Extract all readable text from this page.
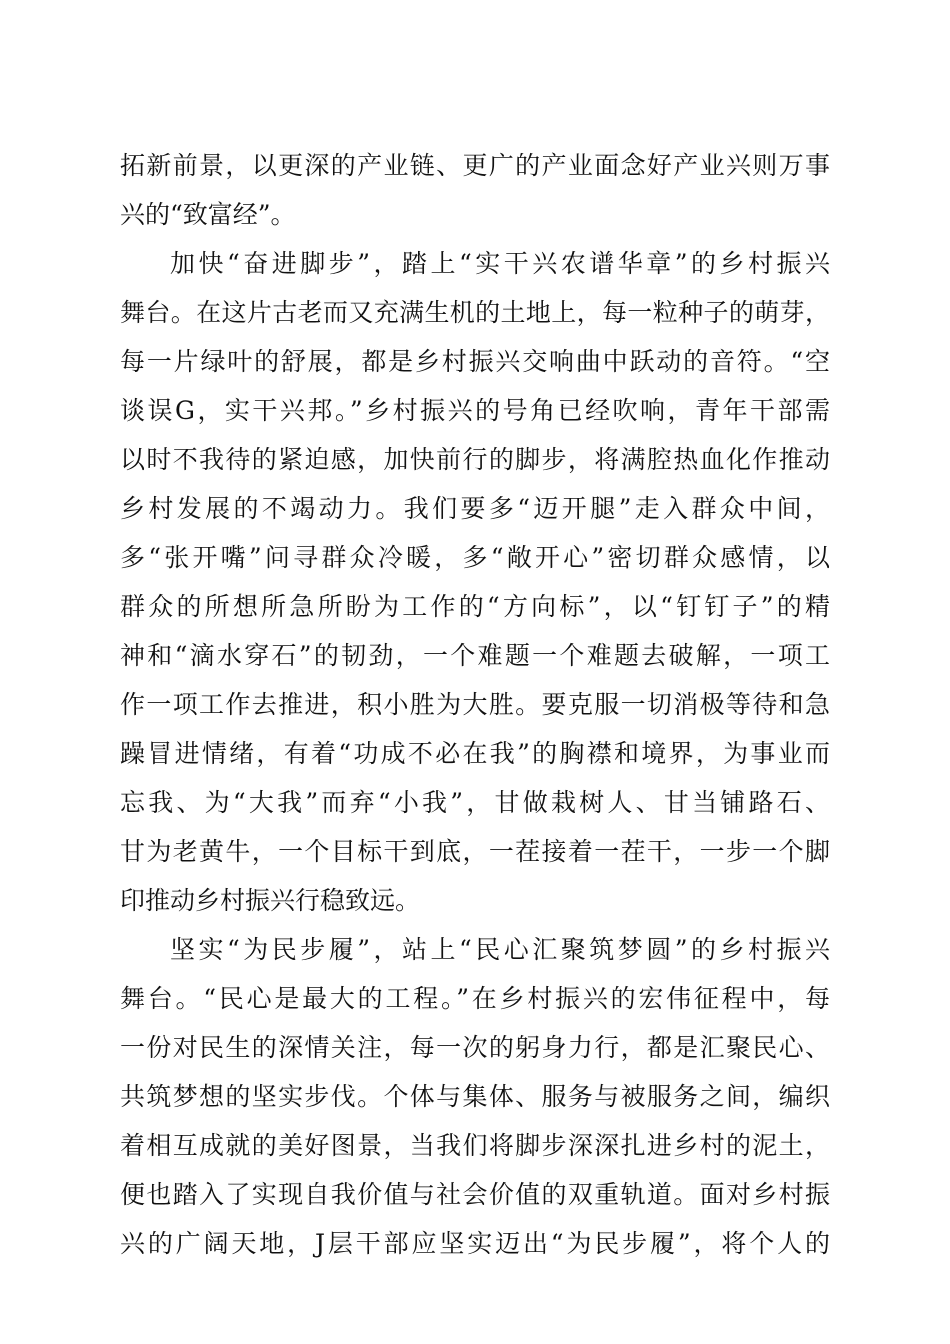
拓新前景，以更深的产业链、更广的产业面念好产业兴则万事
兴的“致富经”。
加快“奋进脚步”，踏上“实干兴农谱华章”的乡村振兴
舞台。在这片古老而又充满生机的土地上，每一粒种子的萌芽，
每一片绿叶的舒展，都是乡村振兴交响曲中跃动的音符。“空
谈误G，实干兴邦。”乡村振兴的号角已经吹响，青年干部需
以时不我待的紧迫感，加快前行的脚步，将满腔热血化作推动
乡村发展的不竭动力。我们要多“迈开腿”走入群众中间，
多“张开嘴”问寻群众冷暖，多“敞开心”密切群众感情，以
群众的所想所急所盼为工作的“方向标”，以“钉钉子”的精
神和“滴水穿石”的韧劲，一个难题一个难题去破解，一项工
作一项工作去推进，积小胜为大胜。要克服一切消极等待和急
躁冒进情绪，有着“功成不必在我”的胸襟和境界，为事业而
忘我、为“大我”而弃“小我”，甘做栽树人、甘当铺路石、
甘为老黄牛，一个目标干到底，一茬接着一茬干，一步一个脚
印推动乡村振兴行稳致远。
坚实“为民步履”，站上“民心汇聚筑梦圆”的乡村振兴
舞台。“民心是最大的工程。”在乡村振兴的宏伟征程中，每
一份对民生的深情关注，每一次的躬身力行，都是汇聚民心、
共筑梦想的坚实步伐。个体与集体、服务与被服务之间，编织
着相互成就的美好图景，当我们将脚步深深扎进乡村的泥土，
便也踏入了实现自我价值与社会价值的双重轨道。面对乡村振
兴的广阔天地，J层干部应坚实迈出“为民步履”，将个人的
